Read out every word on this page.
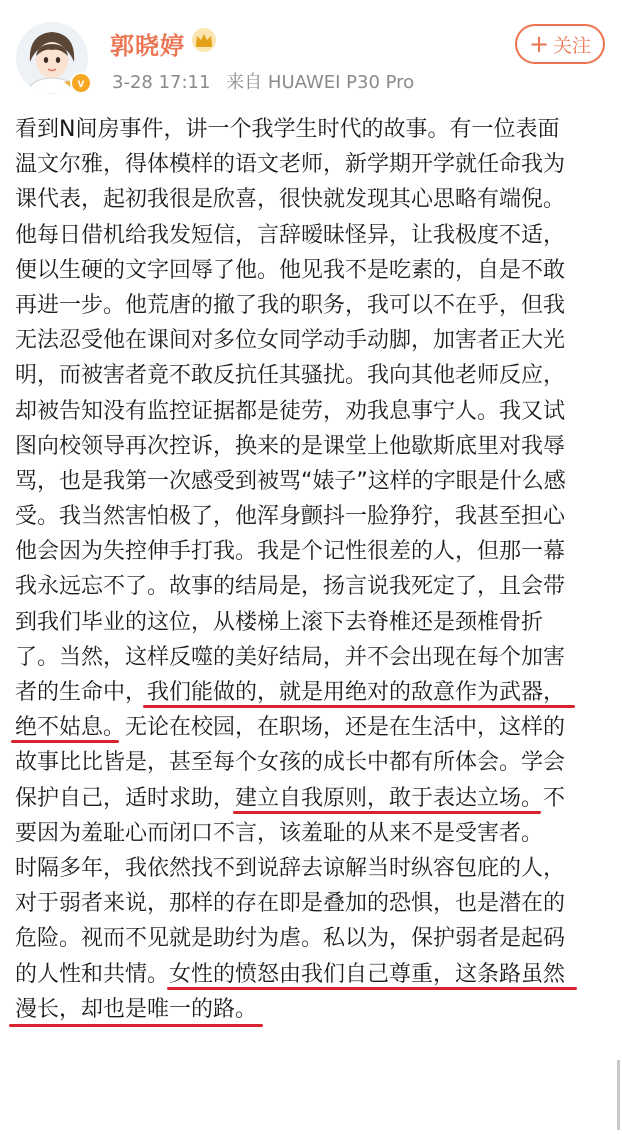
v
郭晓婷
3-28 17:11 来自 HUAWEI P30 Pro
+ 关注
看到N间房事件，讲一个我学生时代的故事。有一位表面
温文尔雅，得体模样的语文老师，新学期开学就任命我为
课代表，起初我很是欣喜，很快就发现其心思略有端倪。
他每日借机给我发短信，言辞暧昧怪异，让我极度不适，
便以生硬的文字回辱了他。他见我不是吃素的，自是不敢
再进一步。他荒唐的撤了我的职务，我可以不在乎，但我
无法忍受他在课间对多位女同学动手动脚，加害者正大光
明，而被害者竟不敢反抗任其骚扰。我向其他老师反应，
却被告知没有监控证据都是徒劳，劝我息事宁人。我又试
图向校领导再次控诉，换来的是课堂上他歇斯底里对我辱
骂，也是我第一次感受到被骂“婊子”这样的字眼是什么感
受。我当然害怕极了，他浑身颤抖一脸狰狞，我甚至担心
他会因为失控伸手打我。我是个记性很差的人，但那一幕
我永远忘不了。故事的结局是，扬言说我死定了，且会带
到我们毕业的这位，从楼梯上滚下去脊椎还是颈椎骨折
了。当然，这样反噬的美好结局，并不会出现在每个加害
者的生命中，我们能做的，就是用绝对的敌意作为武器，
绝不姑息。
无论在校园，在职场，还是在生活中，这样的
故事比比皆是，甚至每个女孩的成长中都有所体会。学会
保护自己，适时求助，建立自我原则，敢于表达立场。
不
要因为羞耻心而闭口不言，该羞耻的从来不是受害者。
时隔多年，我依然找不到说辞去谅解当时纵容包庇的人，
对于弱者来说，那样的存在即是叠加的恐惧，也是潜在的
危险。视而不见就是助纣为虐。私以为，保护弱者是起码
的人性和共情。女性的愤怒由我们自己尊重，这条路虽然
漫长，却也是唯一的路。
